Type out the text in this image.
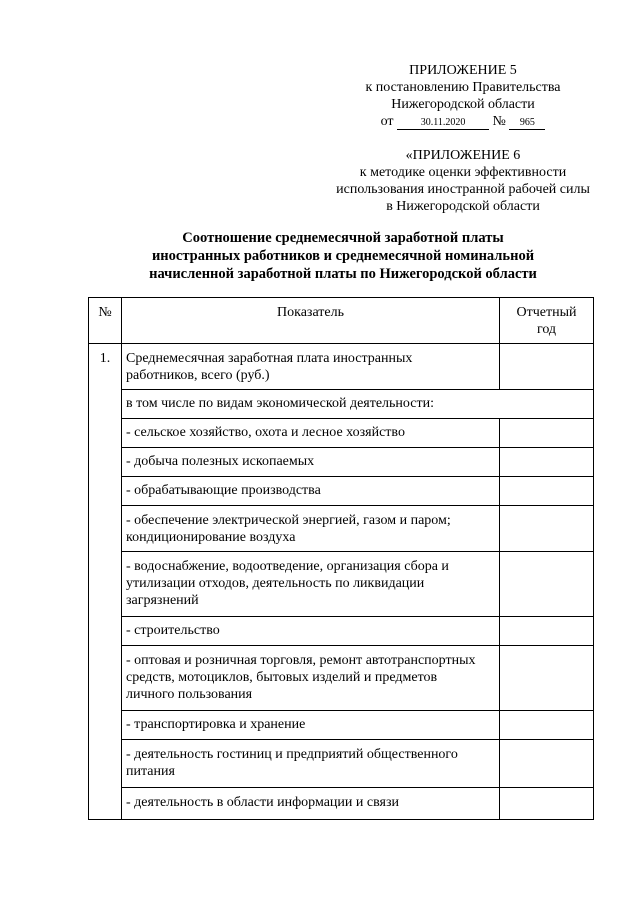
ПРИЛОЖЕНИЕ 5
к постановлению Правительства
Нижегородской области
от	30.11.2020 № 965
«ПРИЛОЖЕНИЕ 6
к методике оценки эффективности
использования иностранной рабочей силы
в Нижегородской области
Соотношение среднемесячной заработной платы
иностранных работников и среднемесячной номинальной
начисленной заработной платы по Нижегородской области
№	Показатель	Отчетный
год

1.	Среднемесячная заработная плата иностранных
работников, всего (руб.)	

	в том числе по видам экономической деятельности:	
	- сельское хозяйство, охота и лесное хозяйство	
	- добыча полезных ископаемых	
	- обрабатывающие производства	

	- обеспечение электрической энергией, газом и паром;
кондиционирование воздуха	

	- водоснабжение, водоотведение, организация сбора и
утилизации отходов, деятельность по ликвидации
загрязнений	

	- строительство	

	- оптовая и розничная торговля, ремонт автотранспортных
средств, мотоциклов, бытовых изделий и предметов
личного пользования	

	- транспортировка и хранение	

	- деятельность гостиниц и предприятий общественного
питания	

	- деятельность в области информации и связи	
